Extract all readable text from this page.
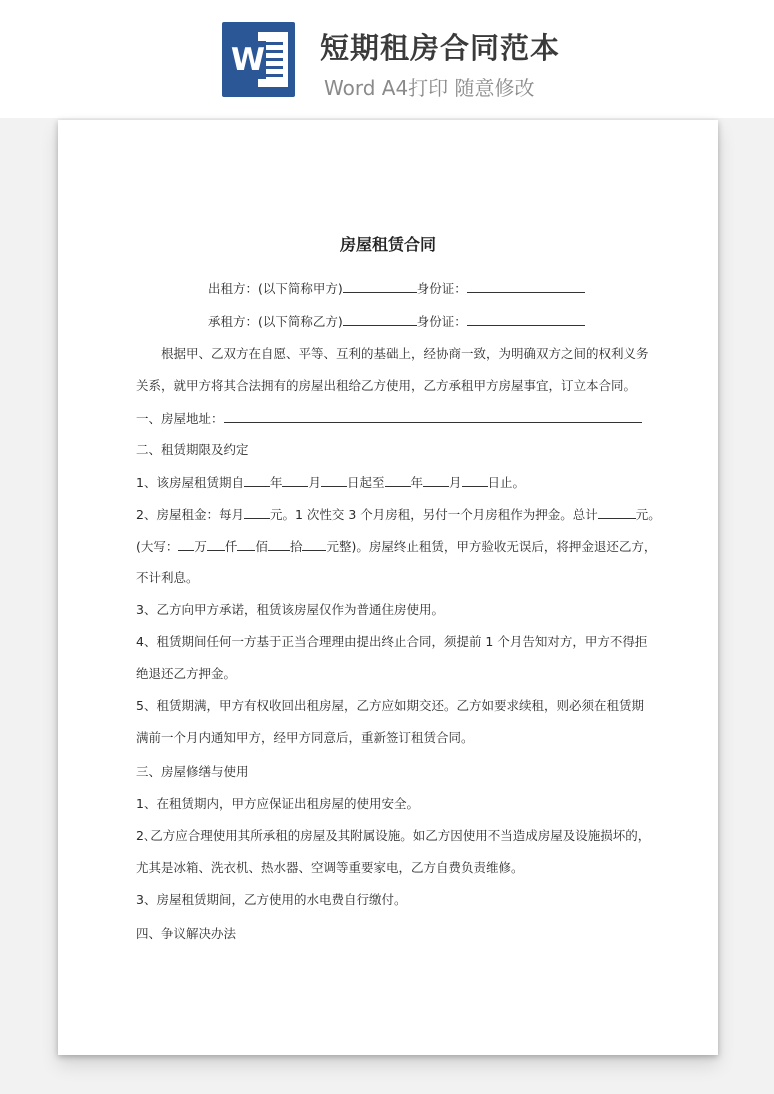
W 短期租房合同范本
Word A4打印 随意修改
房屋租赁合同
出租方：(以下简称甲方)	身份证：
承租方：(以下简称乙方)	身份证：
根据甲、乙双方在自愿、平等、互利的基础上，经协商一致，为明确双方之间的权利义务
关系，就甲方将其合法拥有的房屋出租给乙方使用，乙方承租甲方房屋事宜，订立本合同。
一、房屋地址：
二、租赁期限及约定
1、该房屋租赁期自 年 月 日起至 年 月 日止。
2、房屋租金：每月 元。1 次性交 3 个月房租，另付一个月房租作为押金。总计	元。
(大写： 万 仟 佰 拾 元整)。房屋终止租赁，甲方验收无误后，将押金退还乙方，
不计利息。
3、乙方向甲方承诺，租赁该房屋仅作为普通住房使用。
4、租赁期间任何一方基于正当合理理由提出终止合同，须提前 1 个月告知对方，甲方不得拒
绝退还乙方押金。
5、租赁期满，甲方有权收回出租房屋，乙方应如期交还。乙方如要求续租，则必须在租赁期
满前一个月内通知甲方，经甲方同意后，重新签订租赁合同。
三、房屋修缮与使用
1、在租赁期内，甲方应保证出租房屋的使用安全。
2､乙方应合理使用其所承租的房屋及其附属设施。如乙方因使用不当造成房屋及设施损坏的，
尤其是冰箱、洗衣机、热水器、空调等重要家电，乙方自费负责维修。
3、房屋租赁期间，乙方使用的水电费自行缴付。
四、争议解决办法
